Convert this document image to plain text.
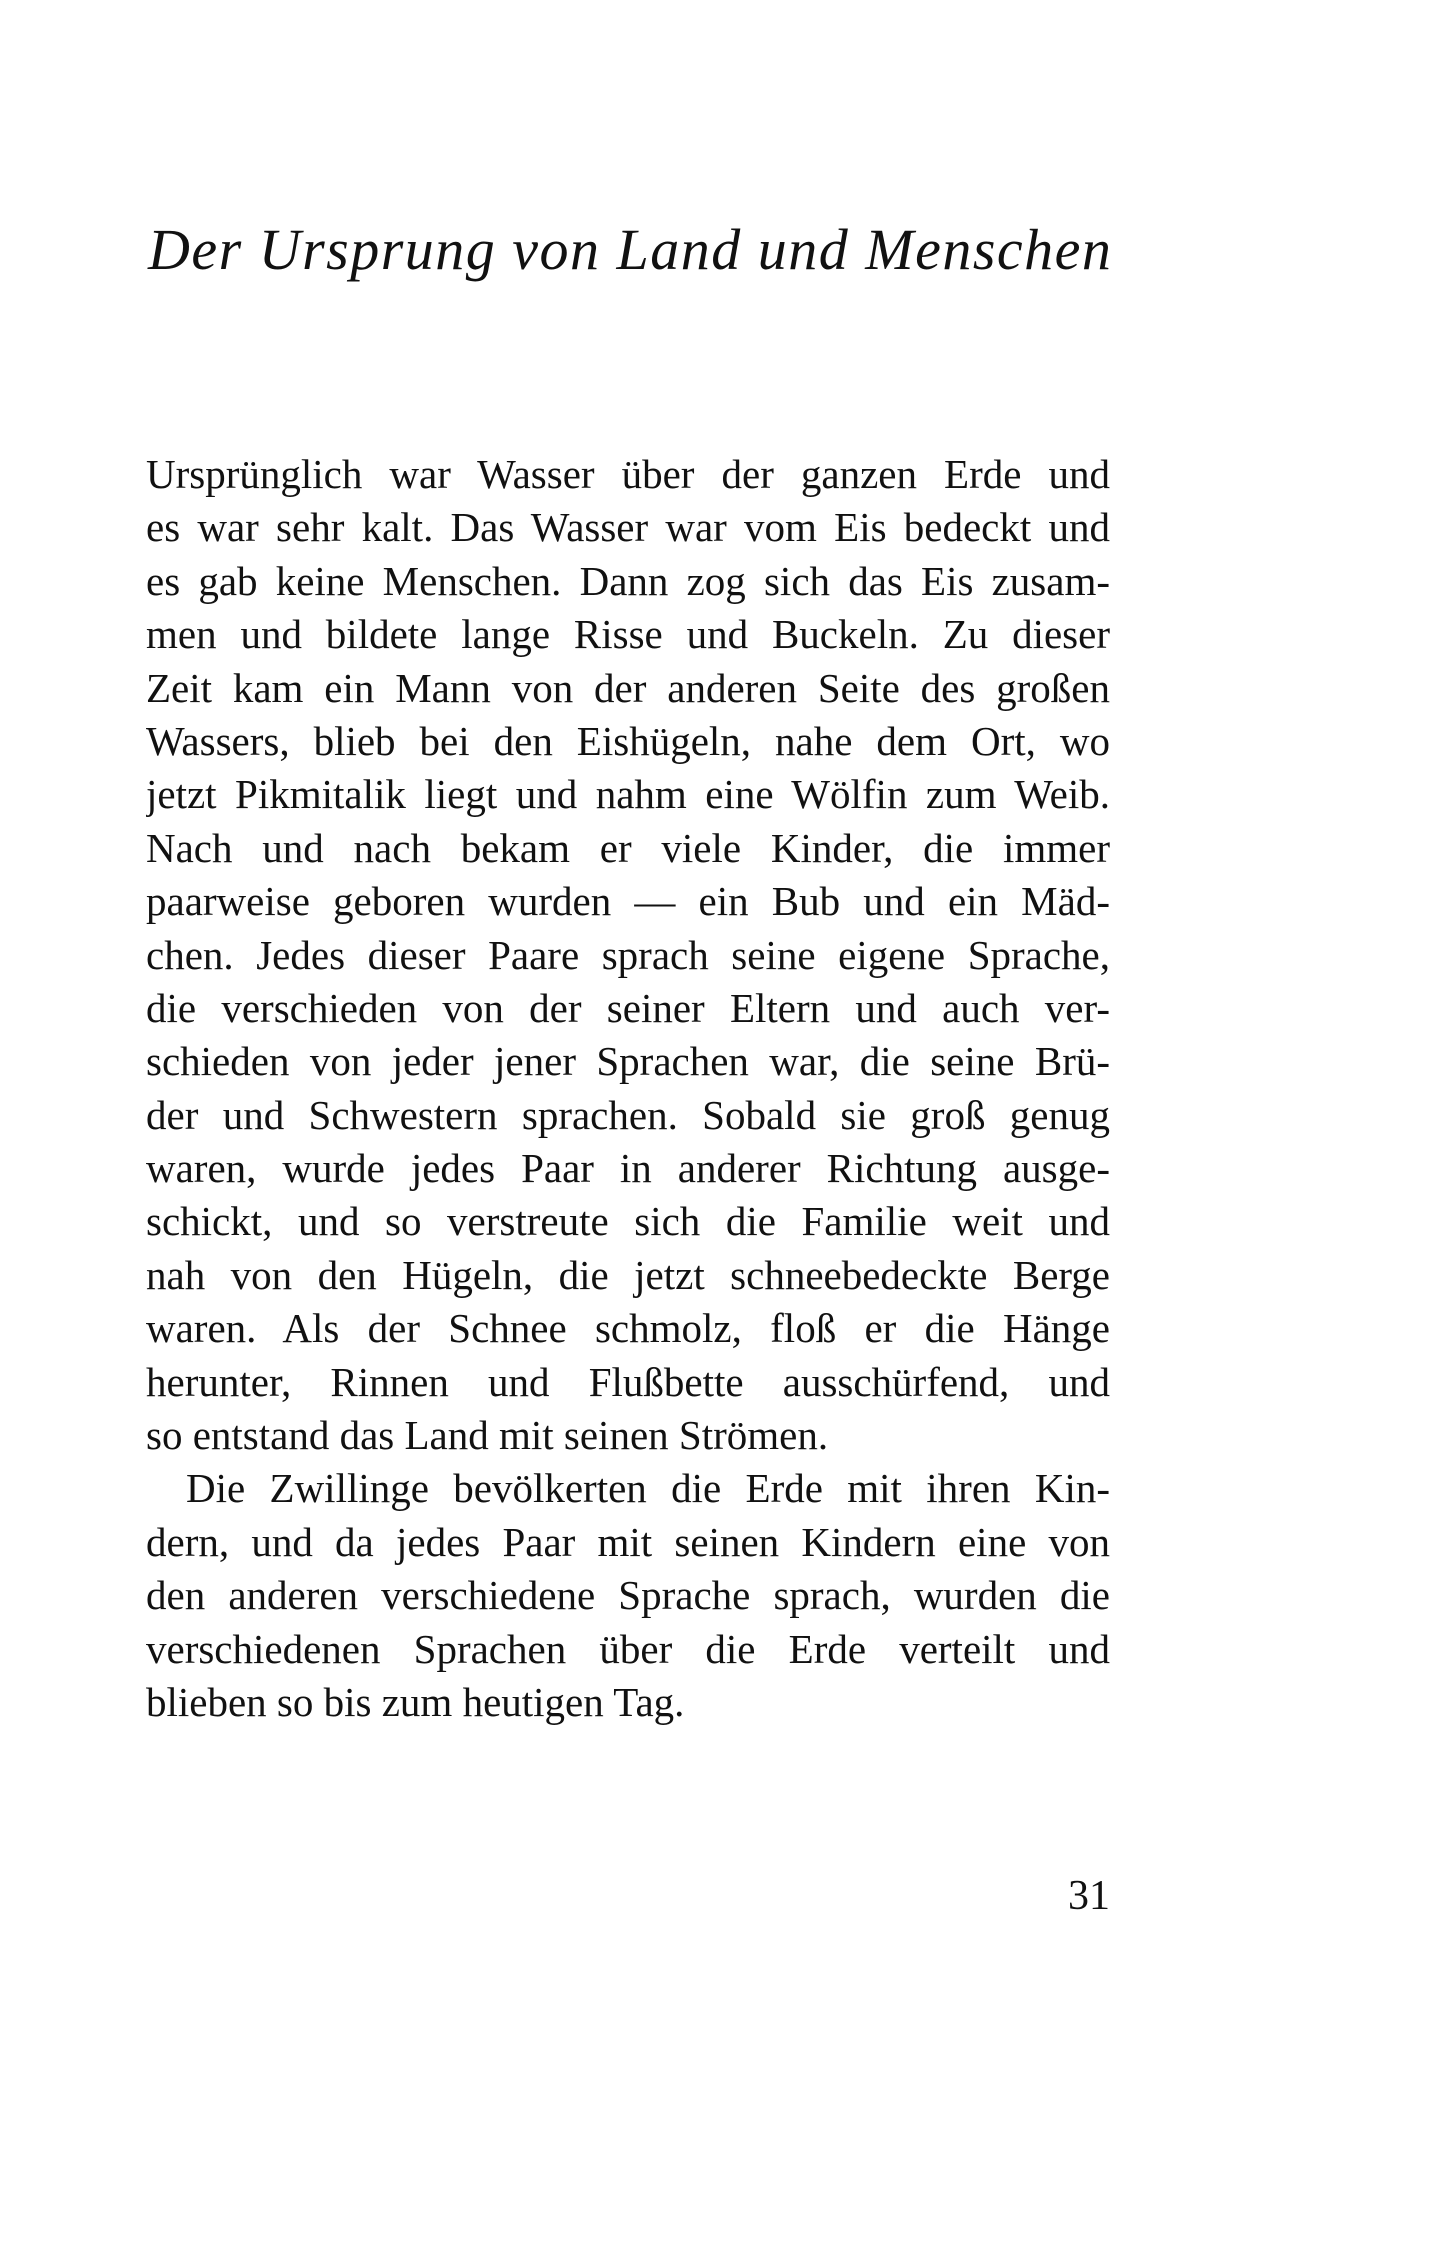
Der Ursprung von Land und Menschen
Ursprünglich war Wasser über der ganzen Erde und
es war sehr kalt. Das Wasser war vom Eis bedeckt und
es gab keine Menschen. Dann zog sich das Eis zusam-
men und bildete lange Risse und Buckeln. Zu dieser
Zeit kam ein Mann von der anderen Seite des großen
Wassers, blieb bei den Eishügeln, nahe dem Ort, wo
jetzt Pikmitalik liegt und nahm eine Wölfin zum Weib.
Nach und nach bekam er viele Kinder, die immer
paarweise geboren wurden — ein Bub und ein Mäd-
chen. Jedes dieser Paare sprach seine eigene Sprache,
die verschieden von der seiner Eltern und auch ver-
schieden von jeder jener Sprachen war, die seine Brü-
der und Schwestern sprachen. Sobald sie groß genug
waren, wurde jedes Paar in anderer Richtung ausge-
schickt, und so verstreute sich die Familie weit und
nah von den Hügeln, die jetzt schneebedeckte Berge
waren. Als der Schnee schmolz, floß er die Hänge
herunter, Rinnen und Flußbette ausschürfend, und
so entstand das Land mit seinen Strömen.
Die Zwillinge bevölkerten die Erde mit ihren Kin-
dern, und da jedes Paar mit seinen Kindern eine von
den anderen verschiedene Sprache sprach, wurden die
verschiedenen Sprachen über die Erde verteilt und
blieben so bis zum heutigen Tag.
31
